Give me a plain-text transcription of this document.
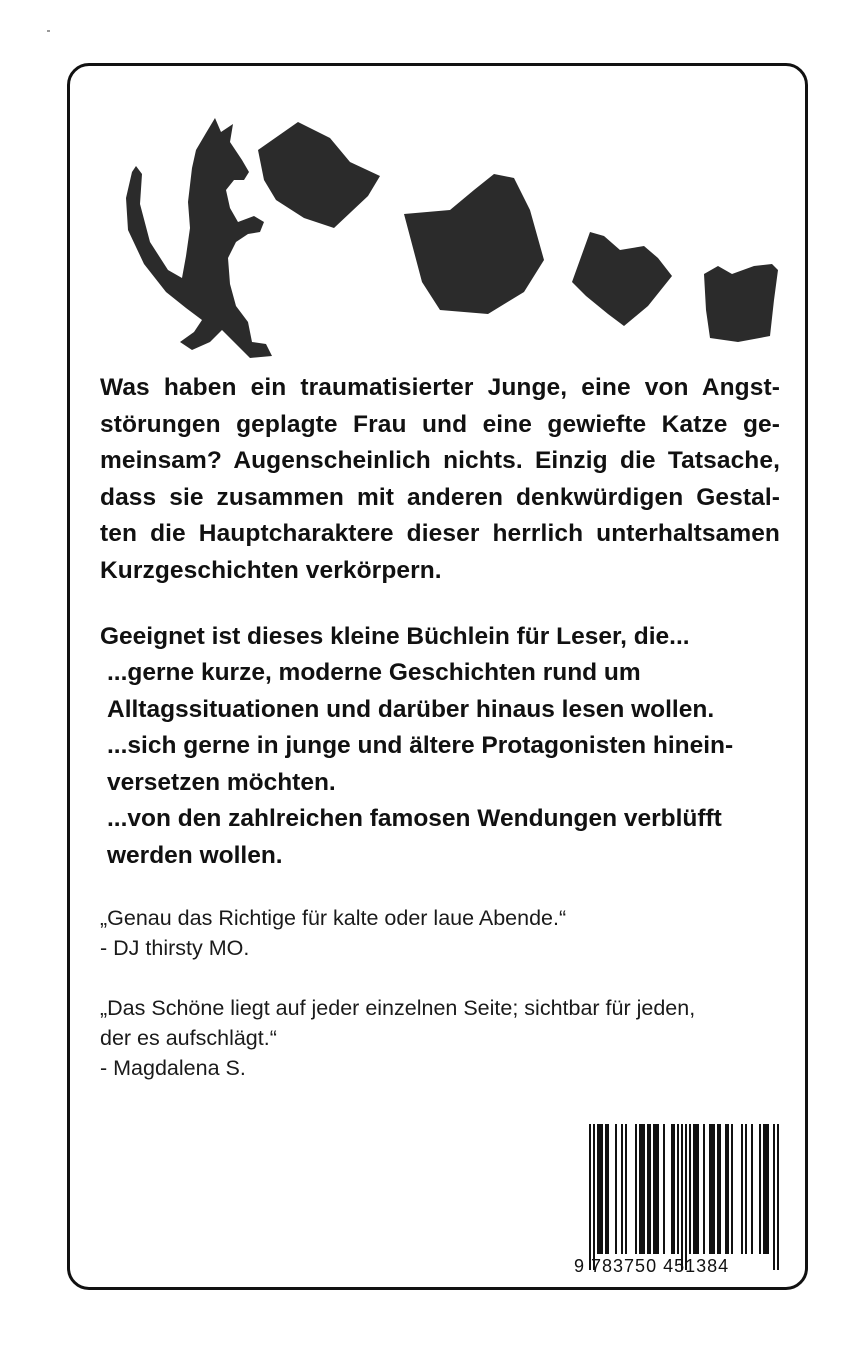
Was haben ein traumatisierter Junge, eine von Angst-
störungen geplagte Frau und eine gewiefte Katze ge-
meinsam? Augenscheinlich nichts. Einzig die Tatsache,
dass sie zusammen mit anderen denkwürdigen Gestal-
ten die Hauptcharaktere dieser herrlich unterhaltsamen
Kurzgeschichten verkörpern.
Geeignet ist dieses kleine Büchlein für Leser, die...
...gerne kurze, moderne Geschichten rund um
Alltagssituationen und darüber hinaus lesen wollen.
...sich gerne in junge und ältere Protagonisten hinein-
versetzen möchten.
...von den zahlreichen famosen Wendungen verblüfft
werden wollen.
„Genau das Richtige für kalte oder laue Abende.“
- DJ thirsty MO.
„Das Schöne liegt auf jeder einzelnen Seite; sichtbar für jeden,
der es aufschlägt.“
- Magdalena S.
9 783750 451384
